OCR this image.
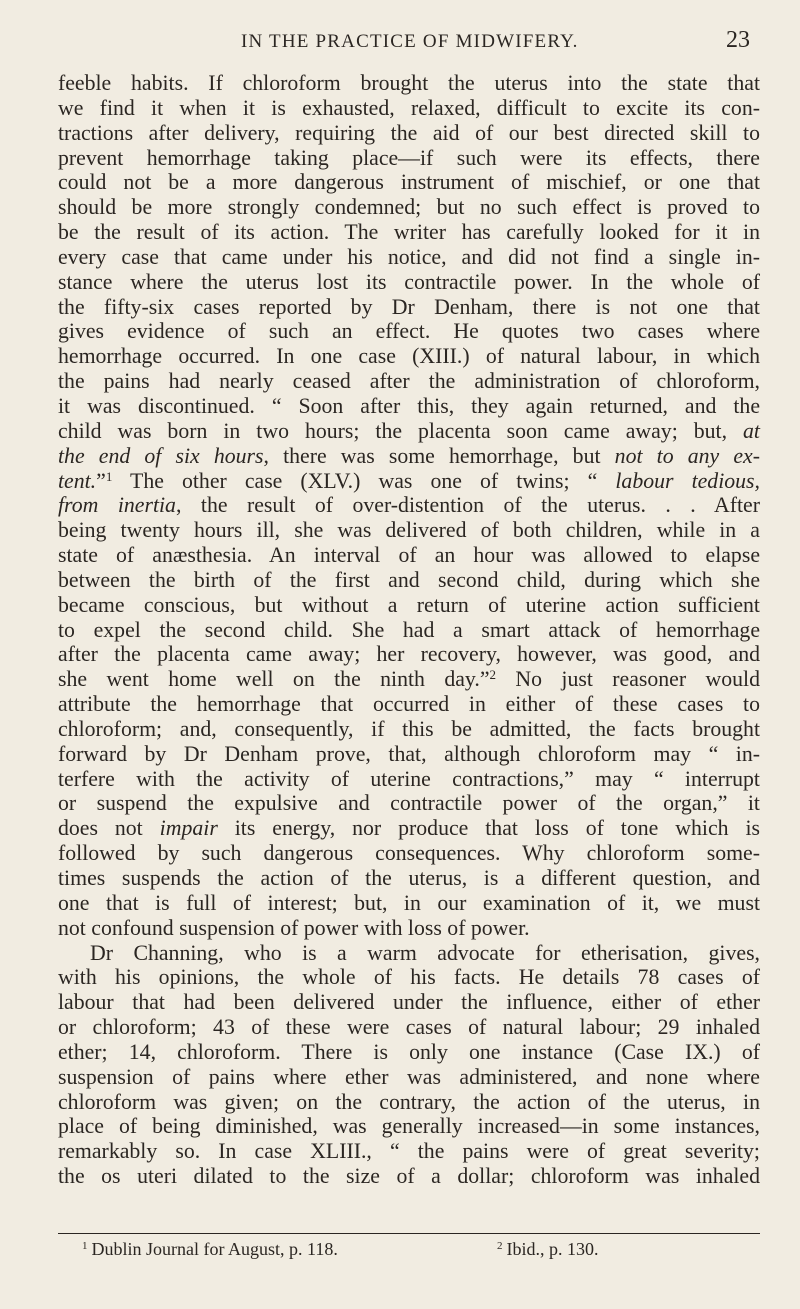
IN THE PRACTICE OF MIDWIFERY.	23
feeble habits. If chloroform brought the uterus into the state that
we find it when it is exhausted, relaxed, difficult to excite its con-
tractions after delivery, requiring the aid of our best directed skill to
prevent hemorrhage taking place—if such were its effects, there
could not be a more dangerous instrument of mischief, or one that
should be more strongly condemned; but no such effect is proved to
be the result of its action. The writer has carefully looked for it in
every case that came under his notice, and did not find a single in-
stance where the uterus lost its contractile power. In the whole of
the fifty-six cases reported by Dr Denham, there is not one that
gives evidence of such an effect. He quotes two cases where
hemorrhage occurred. In one case (XIII.) of natural labour, in which
the pains had nearly ceased after the administration of chloroform,
it was discontinued. “ Soon after this, they again returned, and the
child was born in two hours; the placenta soon came away; but, at
the end of six hours, there was some hemorrhage, but not to any ex-
tent.”$^1$ The other case (XLV.) was one of twins; “ labour tedious,
from inertia, the result of over-distention of the uterus. . . After
being twenty hours ill, she was delivered of both children, while in a
state of anæsthesia. An interval of an hour was allowed to elapse
between the birth of the first and second child, during which she
became conscious, but without a return of uterine action sufficient
to expel the second child. She had a smart attack of hemorrhage
after the placenta came away; her recovery, however, was good, and
she went home well on the ninth day.”$^2$ No just reasoner would
attribute the hemorrhage that occurred in either of these cases to
chloroform; and, consequently, if this be admitted, the facts brought
forward by Dr Denham prove, that, although chloroform may “ in-
terfere with the activity of uterine contractions,” may “ interrupt
or suspend the expulsive and contractile power of the organ,” it
does not impair its energy, nor produce that loss of tone which is
followed by such dangerous consequences. Why chloroform some-
times suspends the action of the uterus, is a different question, and
one that is full of interest; but, in our examination of it, we must
not confound suspension of power with loss of power.
Dr Channing, who is a warm advocate for etherisation, gives,
with his opinions, the whole of his facts. He details 78 cases of
labour that had been delivered under the influence, either of ether
or chloroform; 43 of these were cases of natural labour; 29 inhaled
ether; 14, chloroform. There is only one instance (Case IX.) of
suspension of pains where ether was administered, and none where
chloroform was given; on the contrary, the action of the uterus, in
place of being diminished, was generally increased—in some instances,
remarkably so. In case XLIII., “ the pains were of great severity;
the os uteri dilated to the size of a dollar; chloroform was inhaled
$^1$ Dublin Journal for August, p. 118.	$^2$ Ibid., p. 130.
